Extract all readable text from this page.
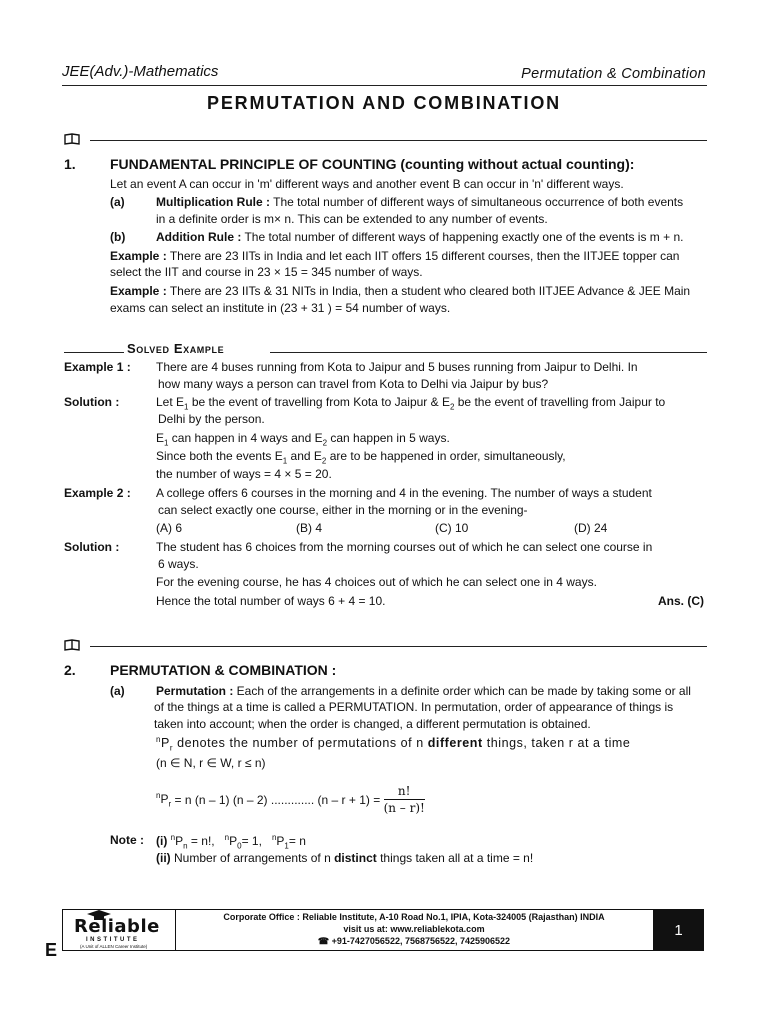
JEE(Adv.)-Mathematics	Permutation & Combination
PERMUTATION AND COMBINATION
1. FUNDAMENTAL PRINCIPLE OF COUNTING (counting without actual counting):
Let an event A can occur in 'm' different ways and another event B can occur in 'n' different ways.
(a)	Multiplication Rule : The total number of different ways of simultaneous occurrence of both events
in a definite order is m× n. This can be extended to any number of events.
(b)	Addition Rule : The total number of different ways of happening exactly one of the events is m + n.
Example : There are 23 IITs in India and let each IIT offers 15 different courses, then the IITJEE topper can
select the IIT and course in 23 × 15 = 345 number of ways.
Example : There are 23 IITs & 31 NITs in India, then a student who cleared both IITJEE Advance & JEE Main
exams can select an institute in (23 + 31 ) = 54 number of ways.
Solved Example
Example 1 : There are 4 buses running from Kota to Jaipur and 5 buses running from Jaipur to Delhi. In
how many ways a person can travel from Kota to Delhi via Jaipur by bus?
Solution :	Let $E_1$ be the event of travelling from Kota to Jaipur & $E_2$ be the event of travelling from Jaipur to
Delhi by the person.
$E_1$ can happen in 4 ways and $E_2$ can happen in 5 ways.
Since both the events $E_1$ and $E_2$ are to be happened in order, simultaneously,
the number of ways = 4 × 5 = 20.
Example 2 : A college offers 6 courses in the morning and 4 in the evening. The number of ways a student
can select exactly one course, either in the morning or in the evening-
(A) 6	(B) 4	(C) 10	(D) 24
Solution :	The student has 6 choices from the morning courses out of which he can select one course in
6 ways.
For the evening course, he has 4 choices out of which he can select one in 4 ways.
Hence the total number of ways 6 + 4 = 10.	Ans. (C)
2. PERMUTATION & COMBINATION :
(a)	Permutation : Each of the arrangements in a definite order which can be made by taking some or all
of the things at a time is called a PERMUTATION. In permutation, order of appearance of things is
taken into account; when the order is changed, a different permutation is obtained.
$^nP_r$ denotes the number of permutations of n different things, taken r at a time
(n ∈ N, r ∈ W, r ≤ n)
$^nP_r = n$ (n – 1) (n – 2) ............. $(n - r + 1) = \frac{n!}{(n - r)!}$
Note : (i) $^nP_n = n$!, $^nP_0= 1$, $^nP_1= n$
(ii) Number of arrangements of n distinct things taken all at a time = n!
Reliable
INSTITUTE
(A Unit of ALLEN Career Institute)
Corporate Office : Reliable Institute, A-10 Road No.1, IPIA, Kota-324005 (Rajasthan) INDIA
visit us at: www.reliablekota.com
☎ +91-7427056522, 7568756522, 7425906522
1
E
